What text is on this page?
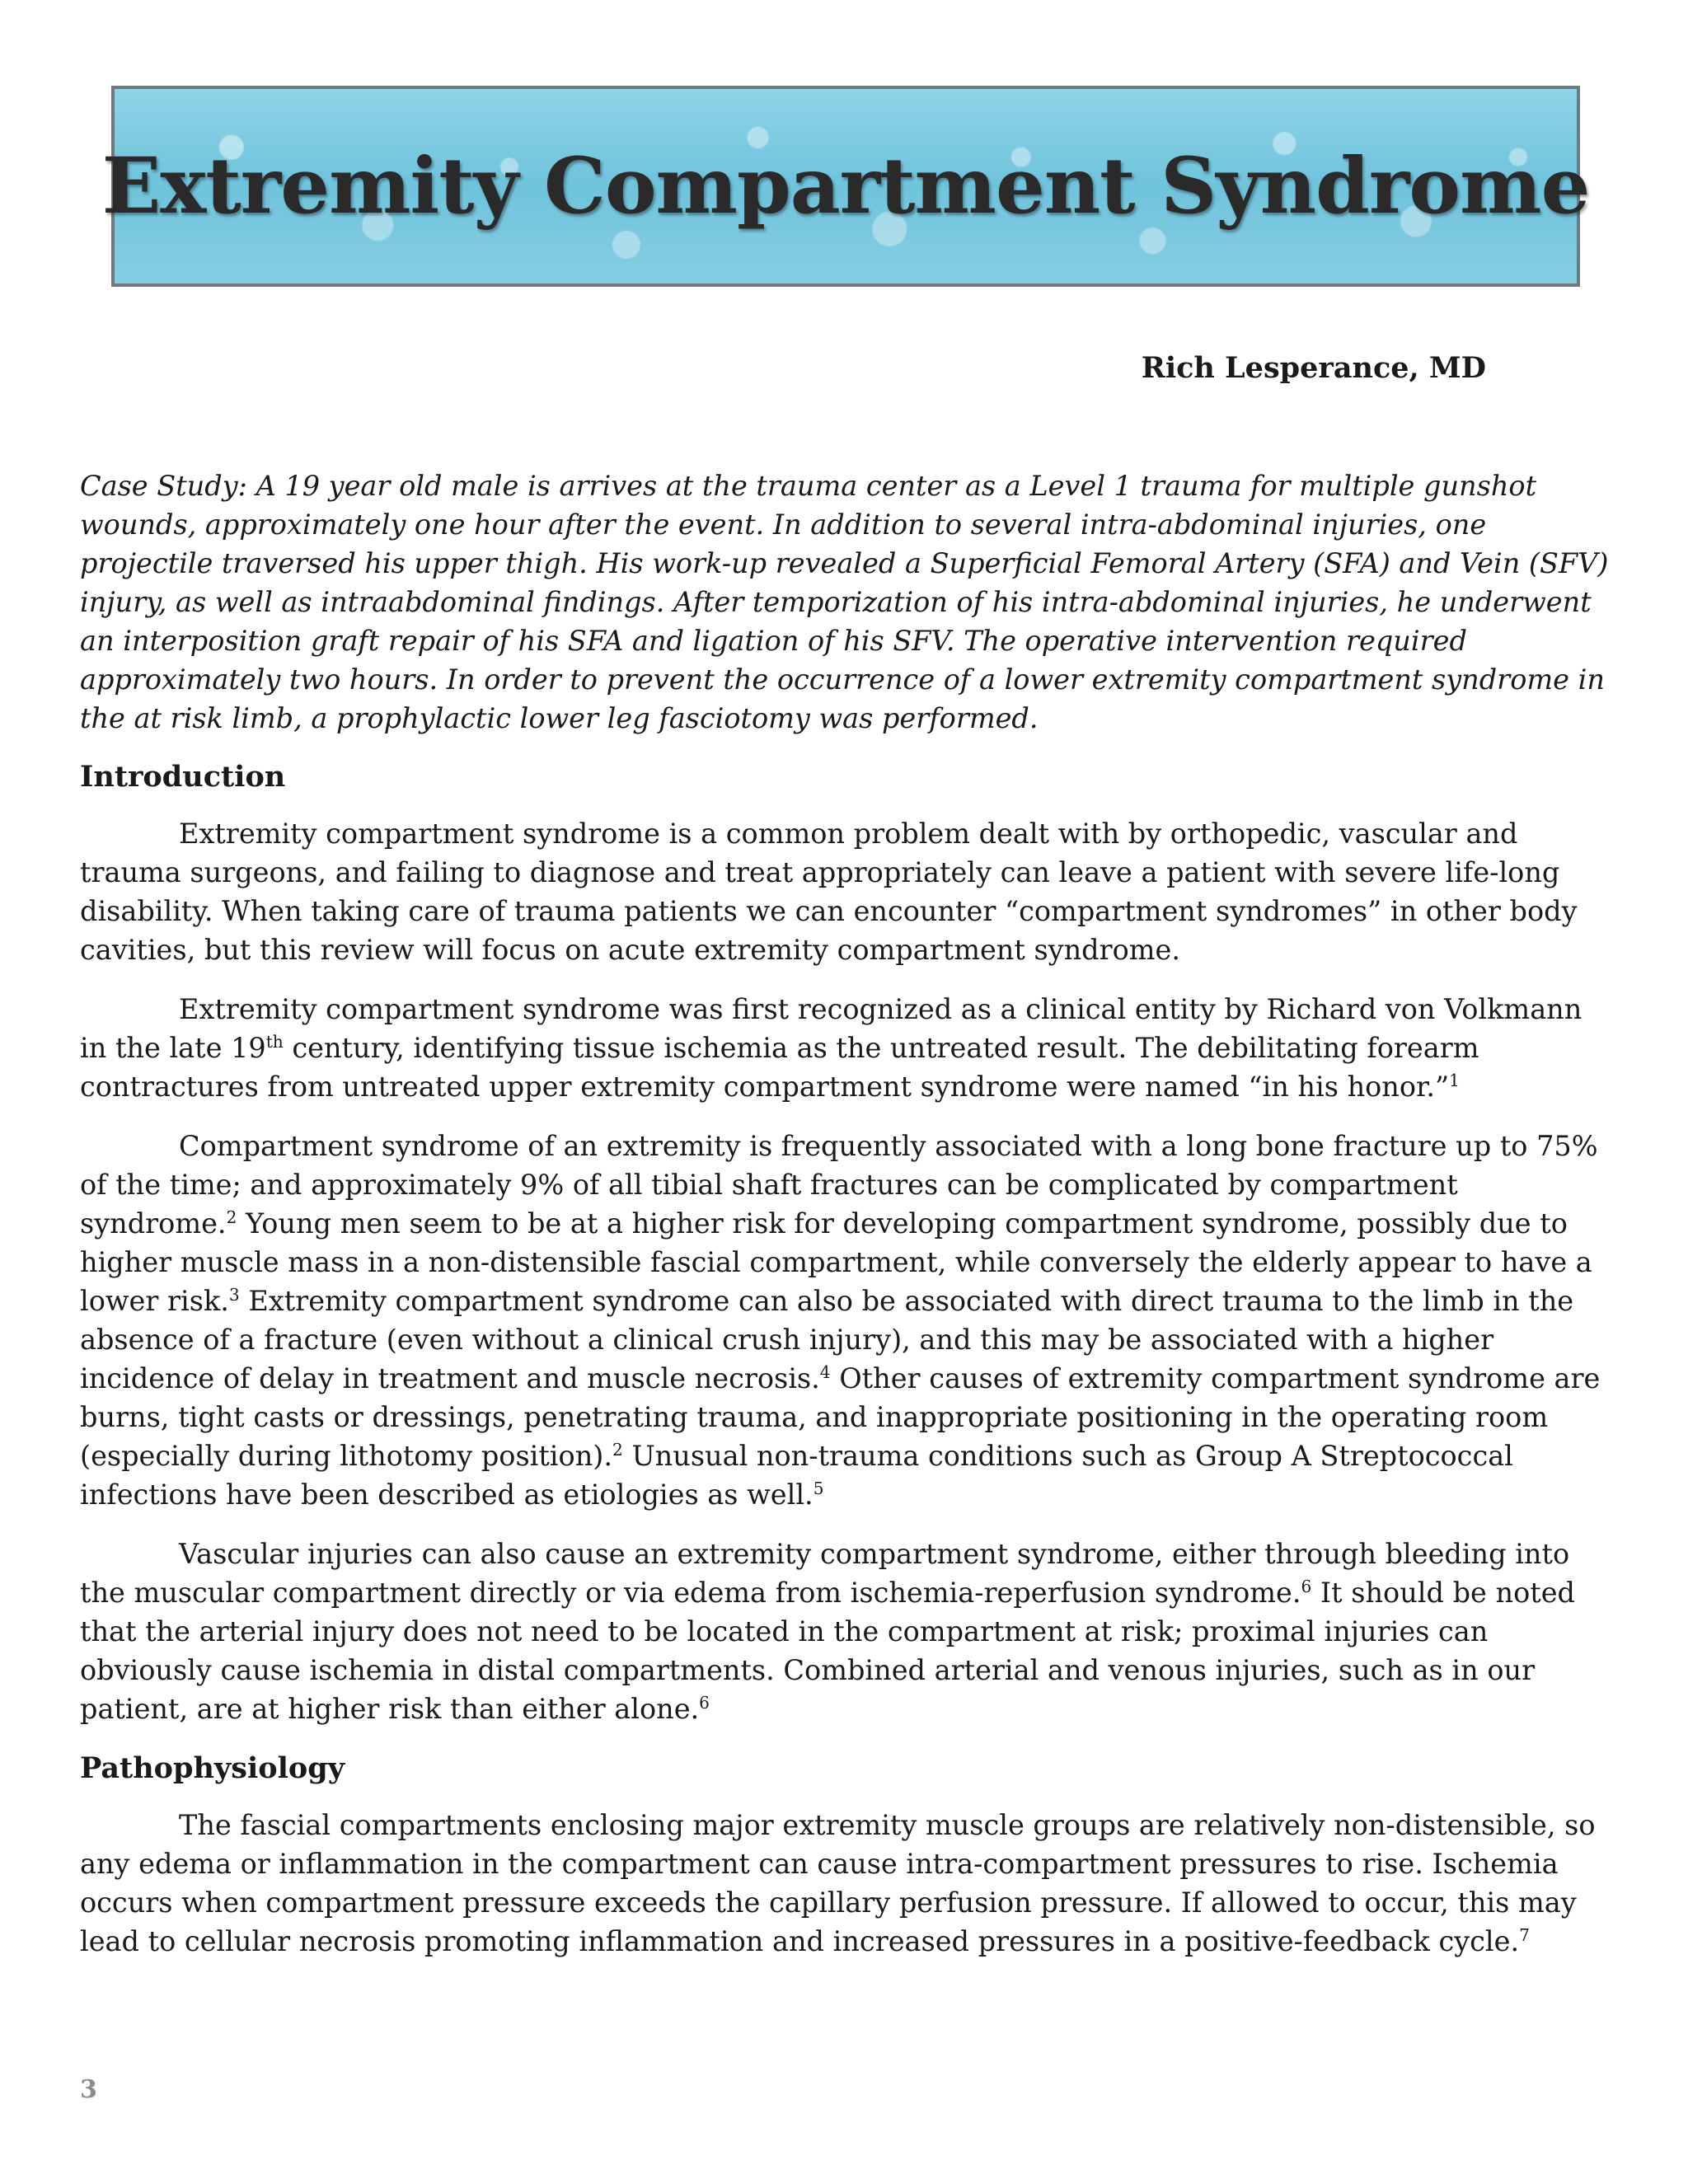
Extremity Compartment Syndrome
Rich Lesperance, MD

Case Study: A 19 year old male is arrives at the trauma center as a Level 1 trauma for multiple gunshot wounds, approximately one hour after the event. In addition to several intra-abdominal injuries, one projectile traversed his upper thigh. His work-up revealed a Superficial Femoral Artery (SFA) and Vein (SFV) injury, as well as intraabdominal findings. After temporization of his intra-abdominal injuries, he underwent an interposition graft repair of his SFA and ligation of his SFV. The operative intervention required approximately two hours. In order to prevent the occurrence of a lower extremity compartment syndrome in the at risk limb, a prophylactic lower leg fasciotomy was performed.

Introduction

Extremity compartment syndrome is a common problem dealt with by orthopedic, vascular and trauma surgeons, and failing to diagnose and treat appropriately can leave a patient with severe life-long disability. When taking care of trauma patients we can encounter “compartment syndromes” in other body cavities, but this review will focus on acute extremity compartment syndrome.

Extremity compartment syndrome was first recognized as a clinical entity by Richard von Volkmann in the late 19th century, identifying tissue ischemia as the untreated result. The debilitating forearm contractures from untreated upper extremity compartment syndrome were named “in his honor.”$^1$

Compartment syndrome of an extremity is frequently associated with a long bone fracture up to 75% of the time; and approximately 9% of all tibial shaft fractures can be complicated by compartment syndrome.$^2$ Young men seem to be at a higher risk for developing compartment syndrome, possibly due to higher muscle mass in a non-distensible fascial compartment, while conversely the elderly appear to have a lower risk.$^3$ Extremity compartment syndrome can also be associated with direct trauma to the limb in the absence of a fracture (even without a clinical crush injury), and this may be associated with a higher incidence of delay in treatment and muscle necrosis.$^4$ Other causes of extremity compartment syndrome are burns, tight casts or dressings, penetrating trauma, and inappropriate positioning in the operating room (especially during lithotomy position).$^2$ Unusual non-trauma conditions such as Group A Streptococcal infections have been described as etiologies as well.$^5$

Vascular injuries can also cause an extremity compartment syndrome, either through bleeding into the muscular compartment directly or via edema from ischemia-reperfusion syndrome.$^6$ It should be noted that the arterial injury does not need to be located in the compartment at risk; proximal injuries can obviously cause ischemia in distal compartments. Combined arterial and venous injuries, such as in our patient, are at higher risk than either alone.$^6$

Pathophysiology

The fascial compartments enclosing major extremity muscle groups are relatively non-distensible, so any edema or inflammation in the compartment can cause intra-compartment pressures to rise. Ischemia occurs when compartment pressure exceeds the capillary perfusion pressure. If allowed to occur, this may lead to cellular necrosis promoting inflammation and increased pressures in a positive-feedback cycle.$^7$

3
